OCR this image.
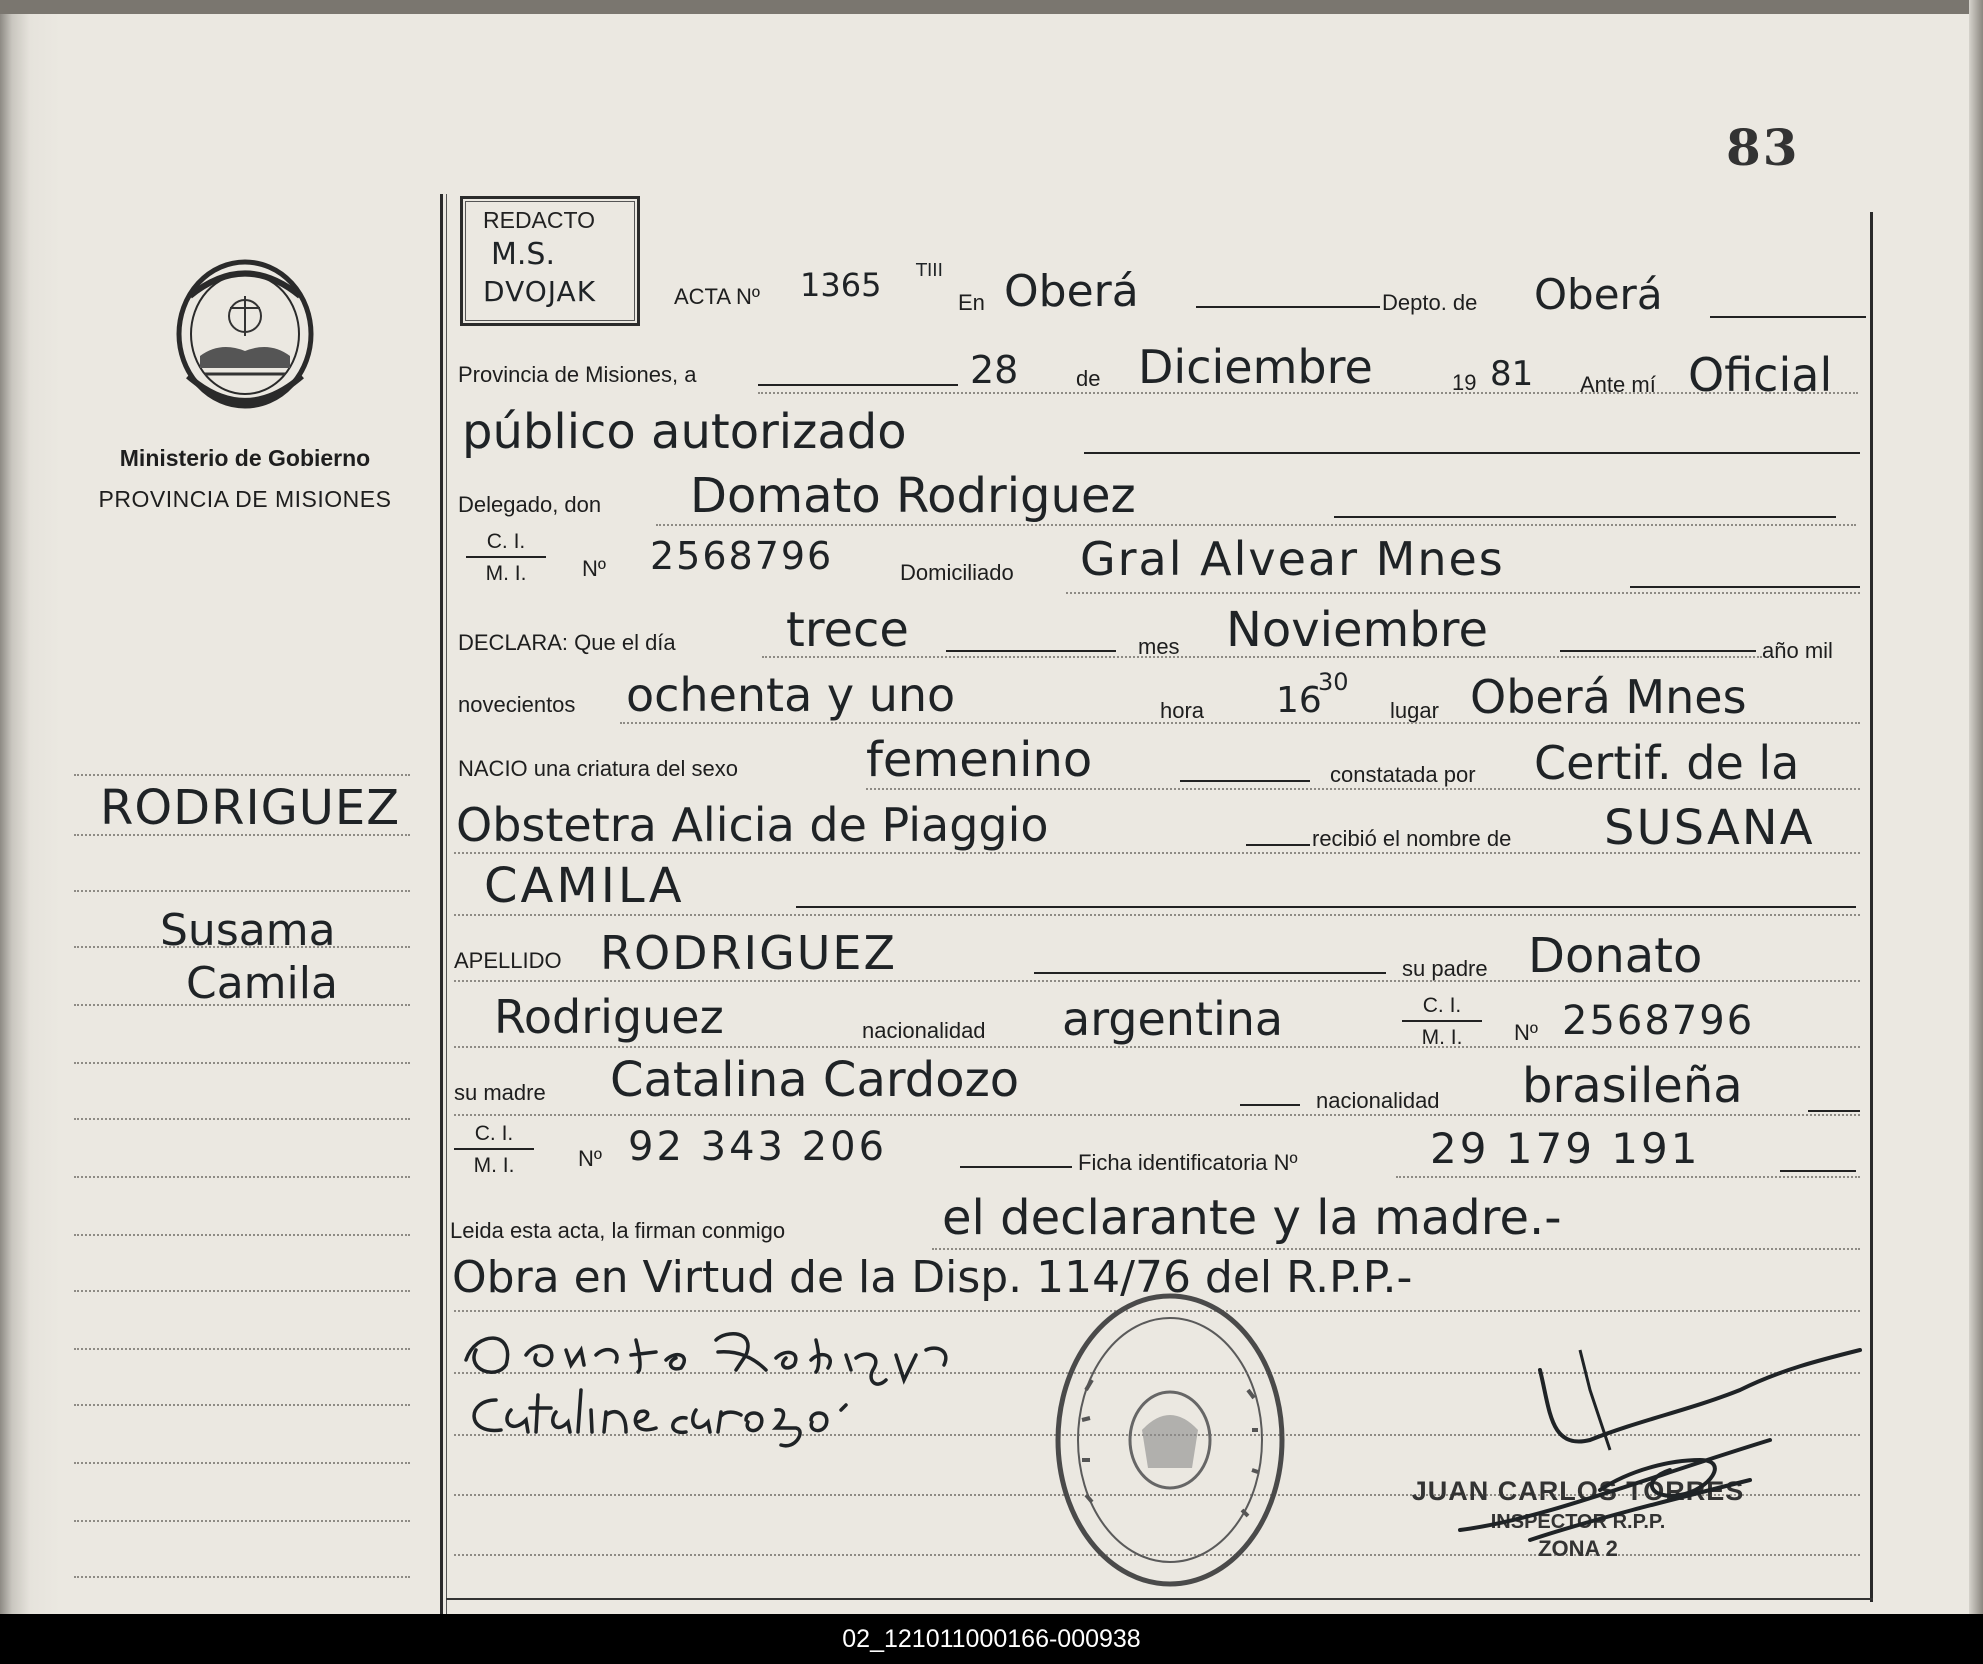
83
Ministerio de Gobierno
PROVINCIA DE MISIONES
RODRIGUEZ
Susama
Camila
REDACTO
M.S.
DVOJAK	ACTA Nº 1365 TIII
En Oberá	Depto. de Oberá
Provincia de Misiones, a	28	de Diciembre	19 81 Ante mí Oficial
público autorizado
Delegado, don Domato Rodriguez
$\frac{C. I.}{M. I.}$ Nº 2568796	Domiciliado Gral Alvear Mnes
DECLARA: Que el día trece	mes Noviembre	año mil
novecientos ochenta y uno	hora 16
30
lugar Oberá Mnes
NACIO una criatura del sexo	femenino	constatada por Certif. de la
Obstetra Alicia de Piaggio	recibió el nombre de SUSANA
CAMILA
APELLIDO RODRIGUEZ	su padre Donato
Rodriguez	nacionalidad argentina	$\frac{C. I.}{M. I.}$ Nº 2568796
su madre Catalina Cardozo	nacionalidad brasileña
$\frac{C. I.}{M. I.}$ Nº 92 343 206	Ficha identificatoria Nº	29 179 191
Leida esta acta, la firman conmigo	el declarante y la madre.-
Obra en Virtud de la Disp. 114/76 del R.P.P.-
JUAN CARLOS TORRES
INSPECTOR R.P.P.
ZONA 2
02_121011000166-000938
